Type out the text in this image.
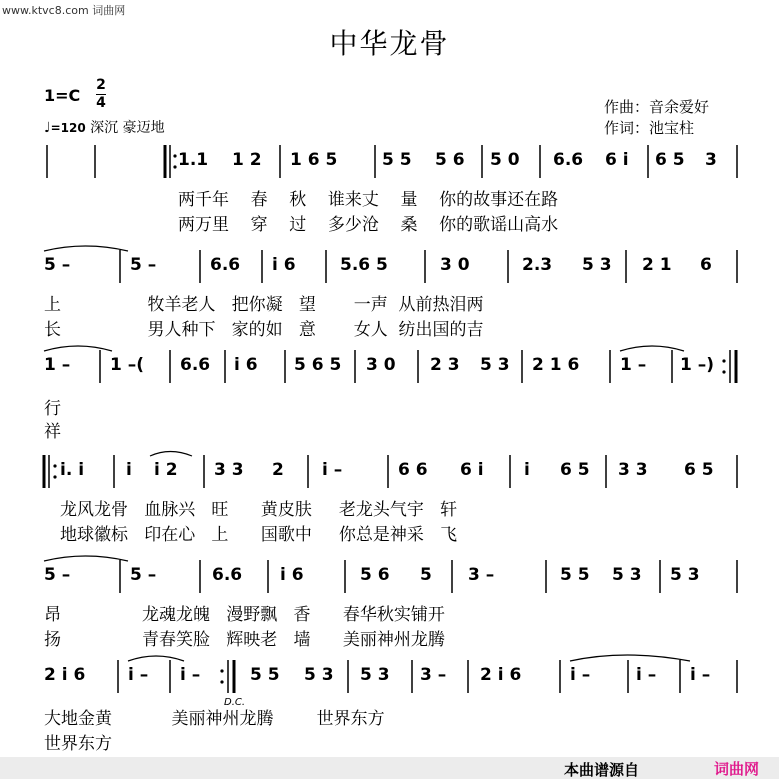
www.ktvc8.com 词曲网
中华龙骨
1=C
2
4
♩=120 深沉 豪迈地
作曲：音余爱好
作词：池宝柱
1.1 1 2 1 6 5	5 5 5 6 5 0 6.6 6 i 6 5 3
两千年    春    秋    谁来丈    量    你的故事还在路
两万里    穿    过    多少沧    桑    你的歌谣山高水
5 –	5 –	6.6 i 6	5.6 5	3 0	2.3 5 3 2 1 6
上                牧羊老人   把你凝   望       一声  从前热泪两
长                男人种下   家的如   意       女人  纺出国的吉
1 – 1 –( 6.6 i 6 5 6 5 3 0 2 3 5 3 2 1 6 1 – 1 –)
行
祥
i. i i i 2 3 3 2 i –	6 6 6 i i 6 5 3 3 6 5
龙风龙骨   血脉兴   旺      黄皮肤     老龙头气宇   轩
地球徽标   印在心   上      国歌中     你总是神采   飞
5 –	5 –	6.6 i 6	5 6 5 3 –	5 5 5 3 5 3
昂               龙魂龙魄   漫野飘   香      春华秋实铺开
扬               青春笑脸   辉映老   墙      美丽神州龙腾
2 i 6	i – i –	5 5 5 3 5 3 3 – 2 i 6	i –	i – i –
D.C.
大地金黄           美丽神州龙腾        世界东方
世界东方
本曲谱源自	词曲网
